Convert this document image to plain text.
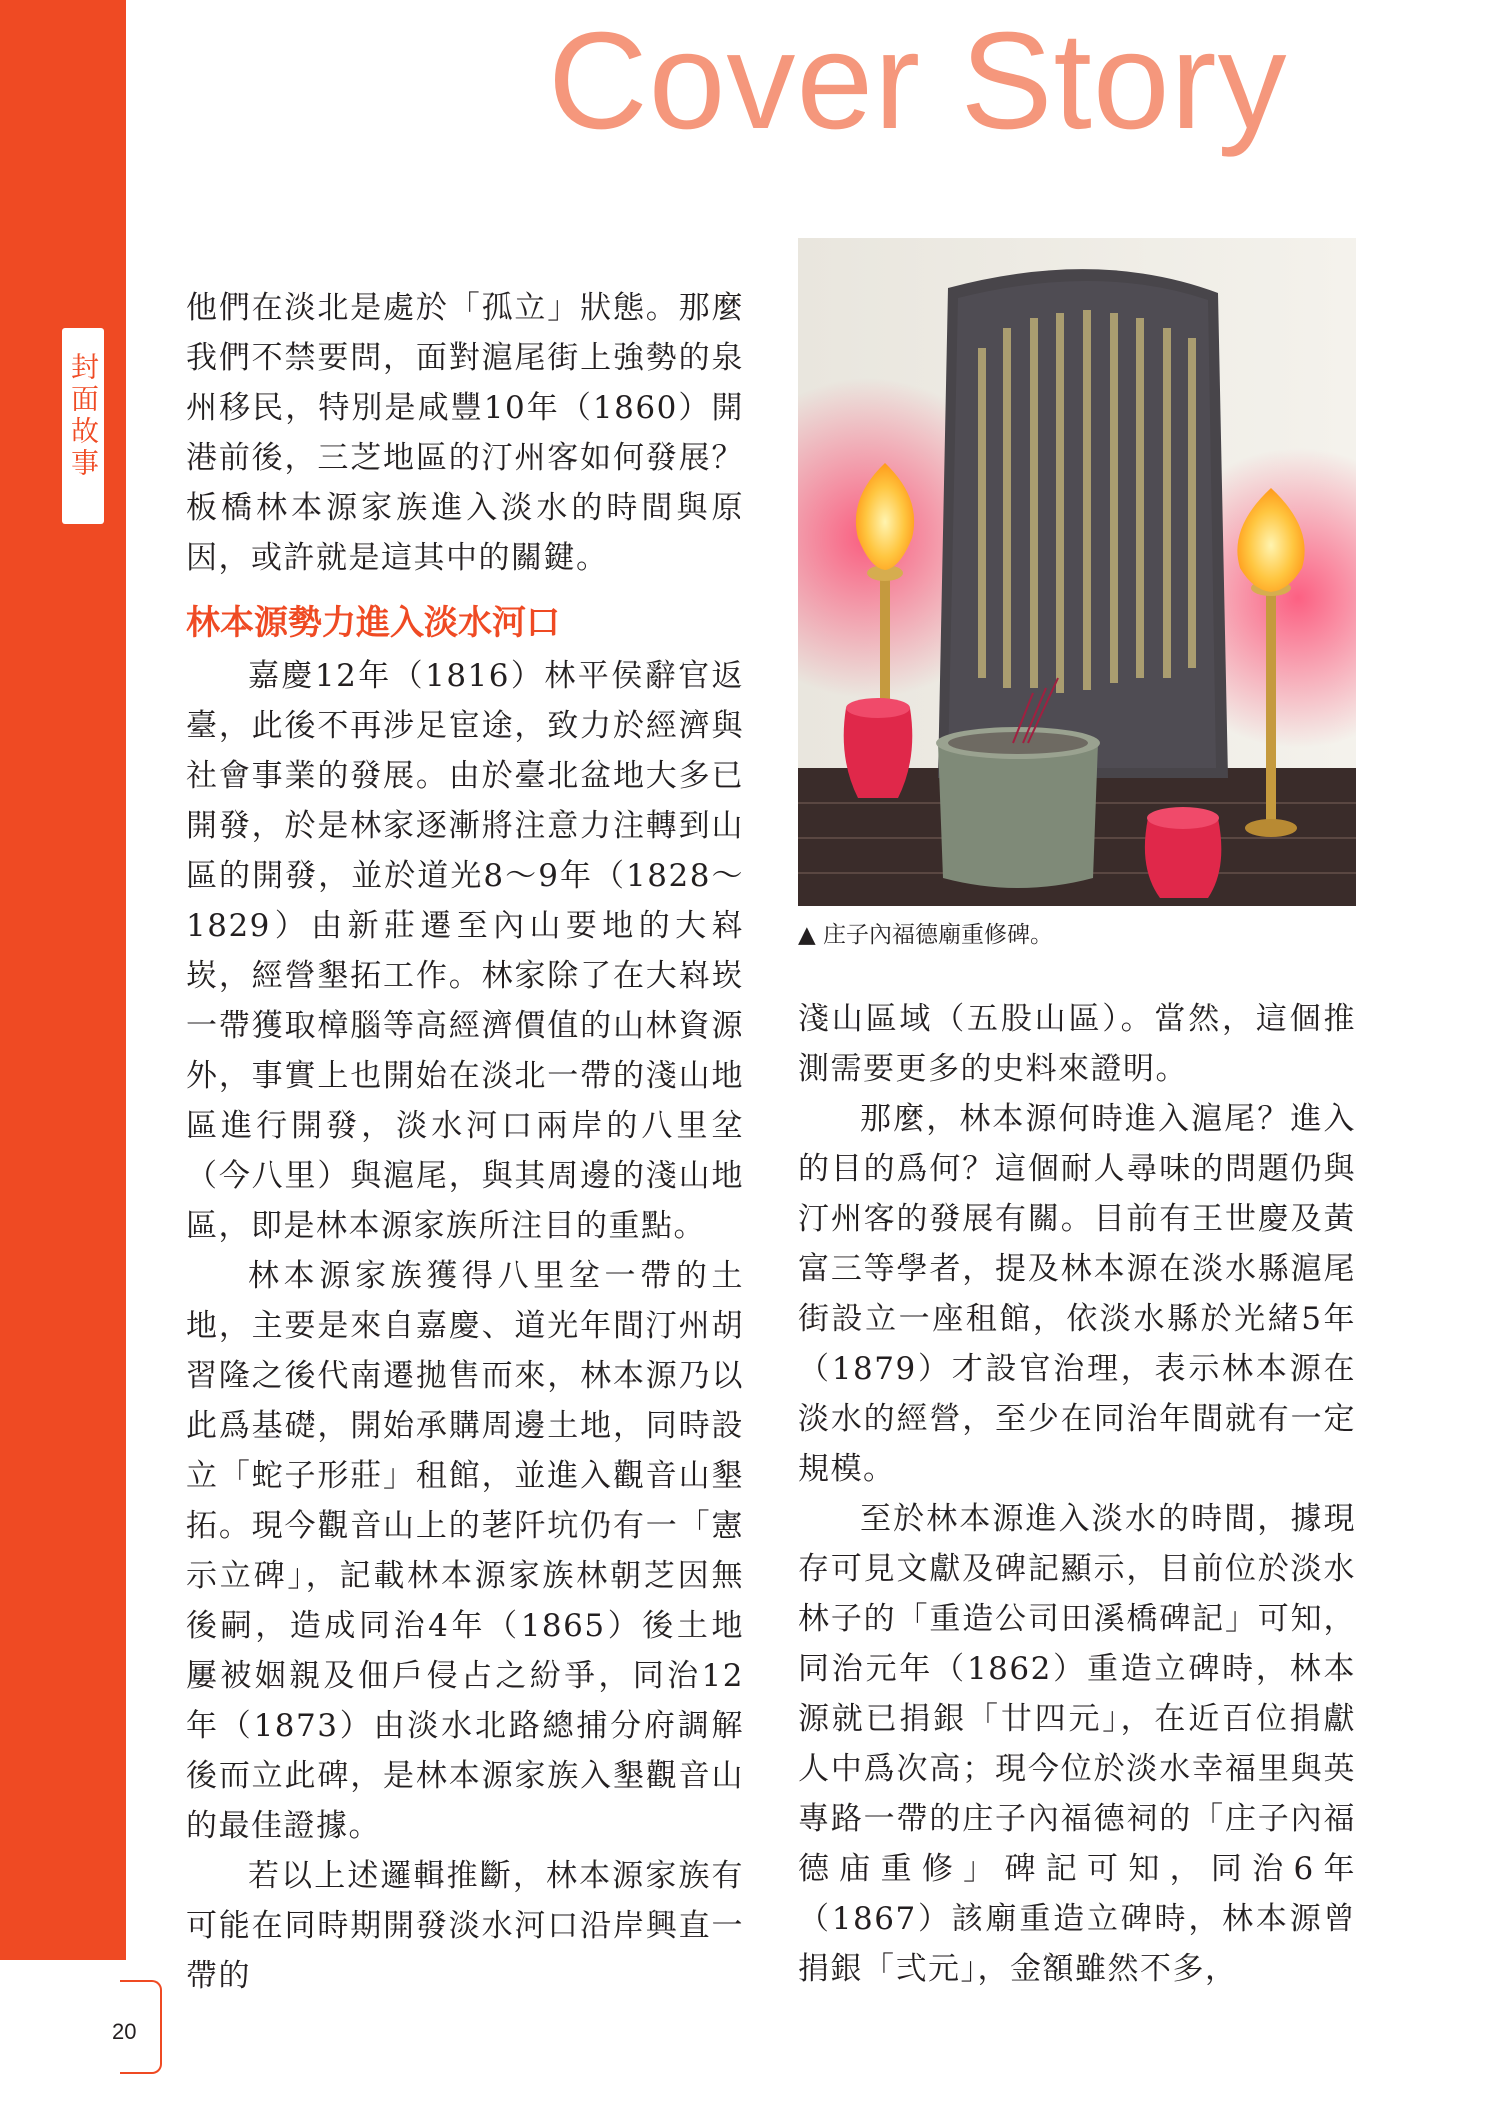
封面故事
Cover Story

他們在淡北是處於「孤立」狀態。那麼我們不禁要問，面對滬尾街上強勢的泉州移民，特別是咸豐10年（1860）開港前後，三芝地區的汀州客如何發展？板橋林本源家族進入淡水的時間與原因，或許就是這其中的關鍵。

林本源勢力進入淡水河口

嘉慶12年（1816）林平侯辭官返臺，此後不再涉足宦途，致力於經濟與社會事業的發展。由於臺北盆地大多已開發，於是林家逐漸將注意力注轉到山區的開發，並於道光8～9年（1828～1829）由新莊遷至內山要地的大嵙崁，經營墾拓工作。林家除了在大嵙崁一帶獲取樟腦等高經濟價值的山林資源外，事實上也開始在淡北一帶的淺山地區進行開發，淡水河口兩岸的八里坌（今八里）與滬尾，與其周邊的淺山地區，即是林本源家族所注目的重點。

林本源家族獲得八里坌一帶的土地，主要是來自嘉慶、道光年間汀州胡習隆之後代南遷拋售而來，林本源乃以此爲基礎，開始承購周邊土地，同時設立「蛇子形莊」租館，並進入觀音山墾拓。現今觀音山上的荖阡坑仍有一「憲示立碑」，記載林本源家族林朝芝因無後嗣，造成同治4年（1865）後土地屢被姻親及佃戶侵占之紛爭，同治12年（1873）由淡水北路總捕分府調解後而立此碑，是林本源家族入墾觀音山的最佳證據。

若以上述邏輯推斷，林本源家族有可能在同時期開發淡水河口沿岸興直一帶的

▲ 庄子內福德廟重修碑。

淺山區域（五股山區）。當然，這個推測需要更多的史料來證明。

那麼，林本源何時進入滬尾？進入的目的爲何？這個耐人尋味的問題仍與汀州客的發展有關。目前有王世慶及黃富三等學者，提及林本源在淡水縣滬尾街設立一座租館，依淡水縣於光緒5年（1879）才設官治理，表示林本源在淡水的經營，至少在同治年間就有一定規模。

至於林本源進入淡水的時間，據現存可見文獻及碑記顯示，目前位於淡水林子的「重造公司田溪橋碑記」可知，同治元年（1862）重造立碑時，林本源就已捐銀「廿四元」，在近百位捐獻人中爲次高；現今位於淡水幸福里與英專路一帶的庄子內福德祠的「庄子內福德庙重修」碑記可知，同治6年（1867）該廟重造立碑時，林本源曾捐銀「弍元」，金額雖然不多，

20
